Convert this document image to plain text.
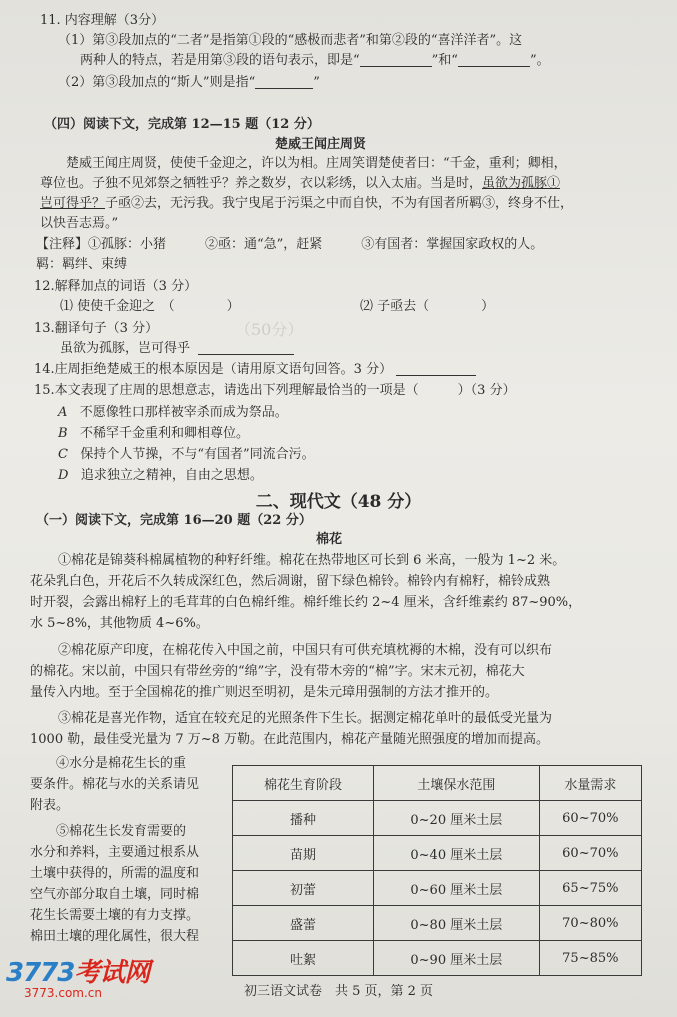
（50分）
11. 内容理解（3分）
（1）第③段加点的“二者”是指第①段的“感极而悲者”和第②段的“喜洋洋者”。这
两种人的特点，若是用第③段的语句表示，即是“	”和“	”。
（2）第③段加点的“斯人”则是指“	”
（四）阅读下文，完成第 12—15 题（12 分）
楚威王闻庄周贤
楚威王闻庄周贤，使使千金迎之，许以为相。庄周笑谓楚使者曰：“千金，重利；卿相，
尊位也。子独不见郊祭之牺牲乎？养之数岁，衣以彩绣，以入太庙。当是时，虽欲为孤豚①
岂可得乎？子亟②去，无污我。我宁曳尾于污渠之中而自快，不为有国者所羁③，终身不仕，
以快吾志焉。”
【注释】①孤豚：小猪　　　②亟：通“急”，赶紧　　　③有国者：掌握国家政权的人。
羁：羁绊、束缚
12.解释加点的词语（3 分）
⑴ 使使千金迎之　（　　　　）	⑵ 子亟去（　　　　）
13.翻译句子（3 分）
虽欲为孤豚，岂可得乎
14.庄周拒绝楚威王的根本原因是（请用原文语句回答。3 分）
15.本文表现了庄周的思想意志，请选出下列理解最恰当的一项是（　　　）（3 分）
A 不愿像牲口那样被宰杀而成为祭品。
B 不稀罕千金重利和卿相尊位。
C 保持个人节操，不与“有国者”同流合污。
D 追求独立之精神，自由之思想。
二、现代文（48 分）
（一）阅读下文，完成第 16—20 题（22 分）
棉花
①棉花是锦葵科棉属植物的种籽纤维。棉花在热带地区可长到 6 米高，一般为 1~2 米。
花朵乳白色，开花后不久转成深红色，然后凋谢，留下绿色棉铃。棉铃内有棉籽，棉铃成熟
时开裂，会露出棉籽上的毛茸茸的白色棉纤维。棉纤维长约 2~4 厘米，含纤维素约 87~90%，
水 5~8%，其他物质 4~6%。
②棉花原产印度，在棉花传入中国之前，中国只有可供充填枕褥的木棉，没有可以织布
的棉花。宋以前，中国只有带丝旁的“绵”字，没有带木旁的“棉”字。宋末元初，棉花大
量传入内地。至于全国棉花的推广则迟至明初，是朱元璋用强制的方法才推开的。
③棉花是喜光作物，适宜在较充足的光照条件下生长。据测定棉花单叶的最低受光量为
1000 勒，最佳受光量为 7 万~8 万勒。在此范围内，棉花产量随光照强度的增加而提高。
④水分是棉花生长的重
要条件。棉花与水的关系请见
附表。
⑤棉花生长发育需要的
水分和养料，主要通过根系从
土壤中获得的，所需的温度和
空气亦部分取自土壤，同时棉
花生长需要土壤的有力支撑。
棉田土壤的理化属性，很大程
棉花生育阶段	土壤保水范围	水量需求
播种	0~20 厘米土层	60~70%
苗期	0~40 厘米土层	60~70%
初蕾	0~60 厘米土层	65~75%
盛蕾	0~80 厘米土层	70~80%
吐絮	0~90 厘米土层	75~85%
3773考试网
3773.com.cn	初三语文试卷　共 5 页，第 2 页
